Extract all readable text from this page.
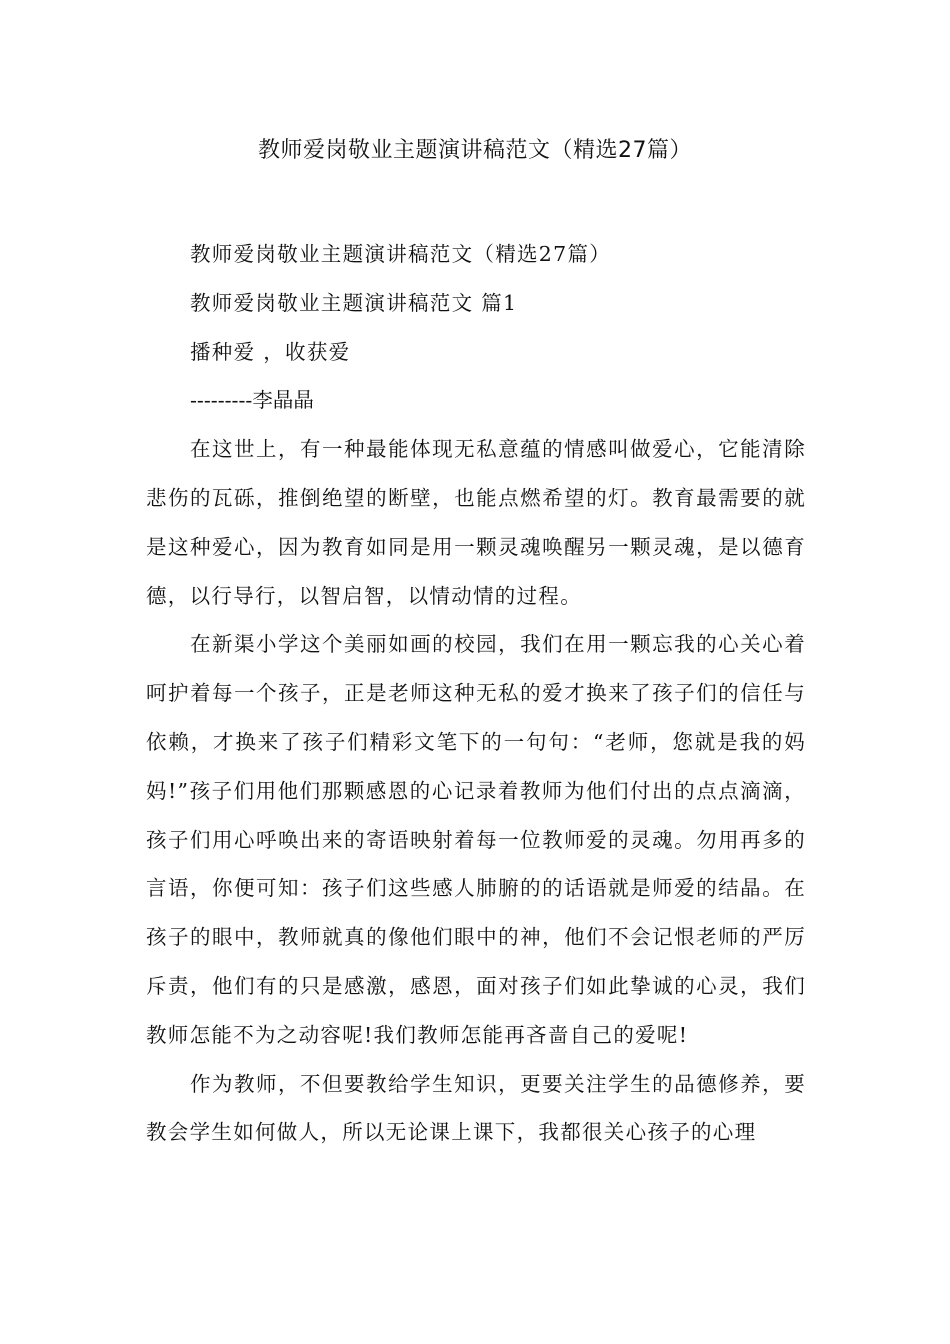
教师爱岗敬业主题演讲稿范文（精选27篇）

教师爱岗敬业主题演讲稿范文（精选27篇）

教师爱岗敬业主题演讲稿范文 篇1

播种爱 ，收获爱

---------李晶晶

在这世上，有一种最能体现无私意蕴的情感叫做爱心，它能清除悲伤的瓦砾，推倒绝望的断壁，也能点燃希望的灯。教育最需要的就是这种爱心，因为教育如同是用一颗灵魂唤醒另一颗灵魂，是以德育德，以行导行，以智启智，以情动情的过程。

在新渠小学这个美丽如画的校园，我们在用一颗忘我的心关心着呵护着每一个孩子，正是老师这种无私的爱才换来了孩子们的信任与依赖，才换来了孩子们精彩文笔下的一句句：“老师，您就是我的妈妈!”孩子们用他们那颗感恩的心记录着教师为他们付出的点点滴滴，孩子们用心呼唤出来的寄语映射着每一位教师爱的灵魂。勿用再多的言语，你便可知：孩子们这些感人肺腑的的话语就是师爱的结晶。在孩子的眼中，教师就真的像他们眼中的神，他们不会记恨老师的严厉斥责，他们有的只是感激，感恩，面对孩子们如此挚诚的心灵，我们教师怎能不为之动容呢!我们教师怎能再吝啬自己的爱呢!

作为教师，不但要教给学生知识，更要关注学生的品德修养，要教会学生如何做人，所以无论课上课下，我都很关心孩子的心理
